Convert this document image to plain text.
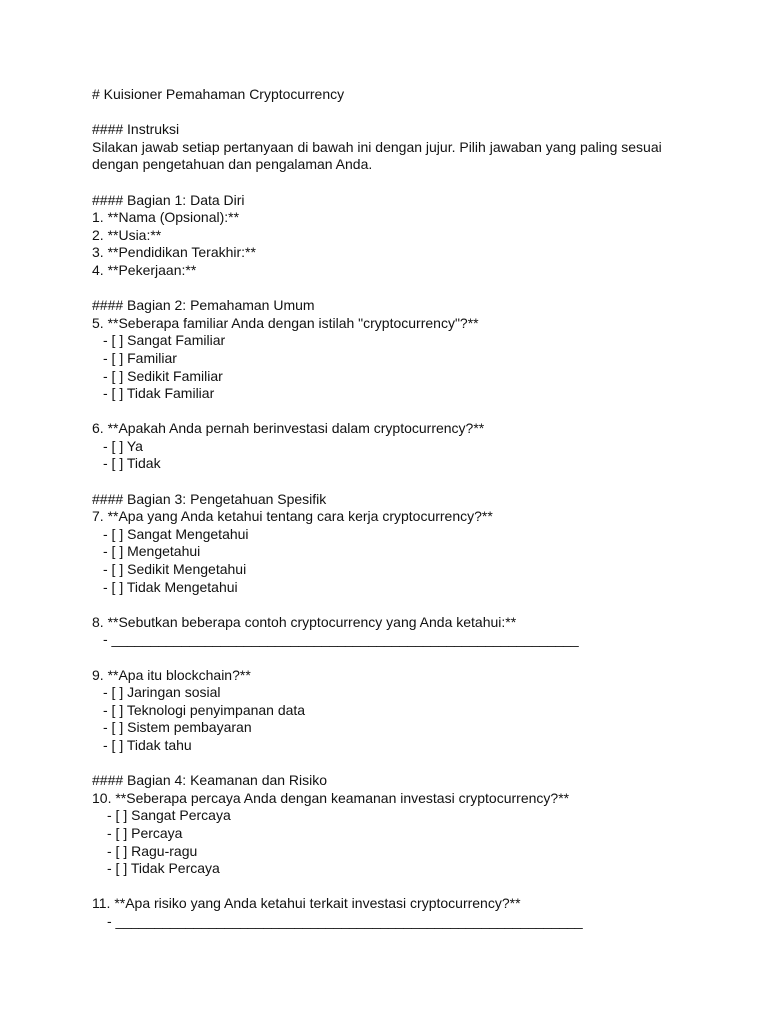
# Kuisioner Pemahaman Cryptocurrency
#### Instruksi
Silakan jawab setiap pertanyaan di bawah ini dengan jujur. Pilih jawaban yang paling sesuai
dengan pengetahuan dan pengalaman Anda.
#### Bagian 1: Data Diri
1. **Nama (Opsional):**
2. **Usia:**
3. **Pendidikan Terakhir:**
4. **Pekerjaan:**
#### Bagian 2: Pemahaman Umum
5. **Seberapa familiar Anda dengan istilah "cryptocurrency"?**
- [ ] Sangat Familiar
- [ ] Familiar
- [ ] Sedikit Familiar
- [ ] Tidak Familiar
6. **Apakah Anda pernah berinvestasi dalam cryptocurrency?**
- [ ] Ya
- [ ] Tidak
#### Bagian 3: Pengetahuan Spesifik
7. **Apa yang Anda ketahui tentang cara kerja cryptocurrency?**
- [ ] Sangat Mengetahui
- [ ] Mengetahui
- [ ] Sedikit Mengetahui
- [ ] Tidak Mengetahui
8. **Sebutkan beberapa contoh cryptocurrency yang Anda ketahui:**
- ____________________________________________________________
9. **Apa itu blockchain?**
- [ ] Jaringan sosial
- [ ] Teknologi penyimpanan data
- [ ] Sistem pembayaran
- [ ] Tidak tahu
#### Bagian 4: Keamanan dan Risiko
10. **Seberapa percaya Anda dengan keamanan investasi cryptocurrency?**
- [ ] Sangat Percaya
- [ ] Percaya
- [ ] Ragu-ragu
- [ ] Tidak Percaya
11. **Apa risiko yang Anda ketahui terkait investasi cryptocurrency?**
- ____________________________________________________________
